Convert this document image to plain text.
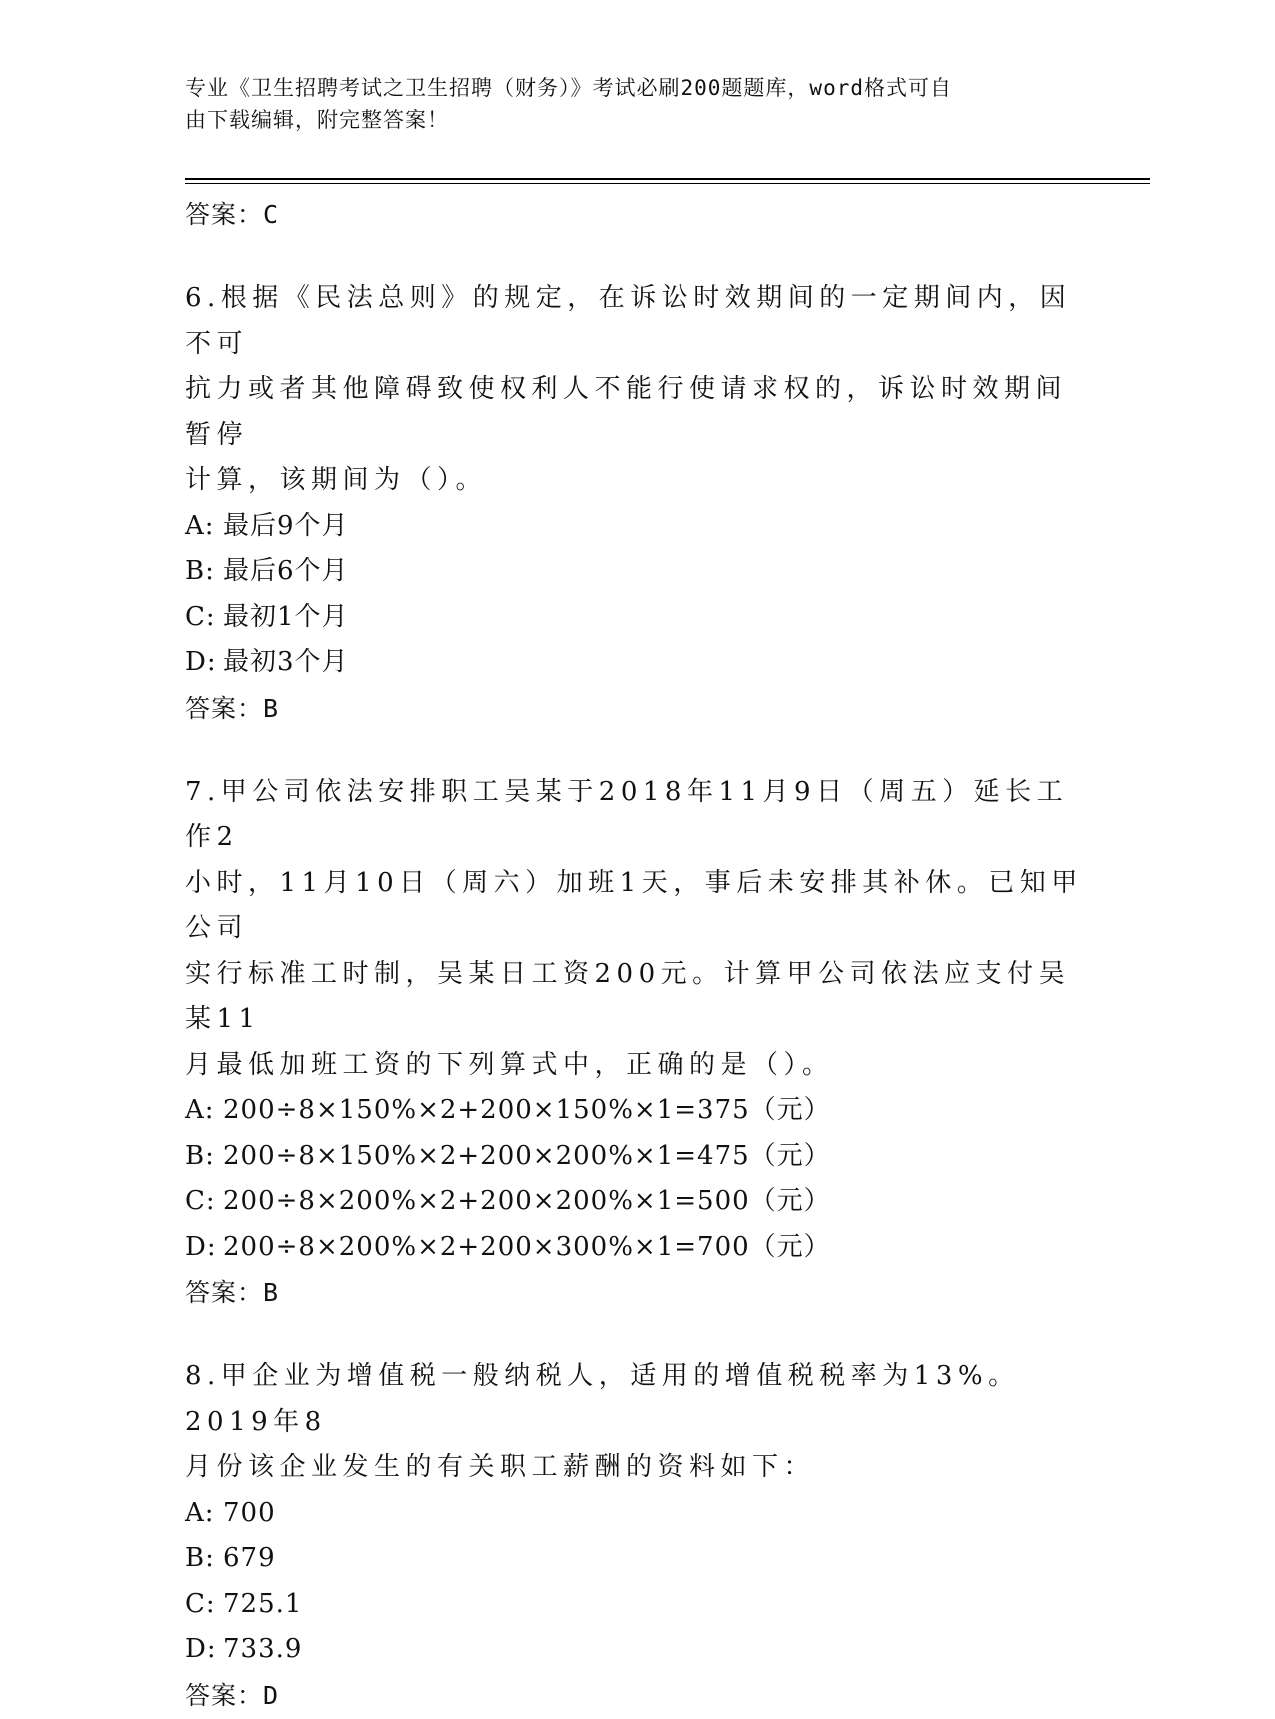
专业《卫生招聘考试之卫生招聘（财务）》考试必刷200题题库，word格式可自
由下载编辑，附完整答案！
答案：C
6.根据《民法总则》的规定，在诉讼时效期间的一定期间内，因不可
抗力或者其他障碍致使权利人不能行使请求权的，诉讼时效期间暂停
计算，该期间为（）。
A: 最后9个月
B: 最后6个月
C: 最初1个月
D: 最初3个月
答案：B
7.甲公司依法安排职工吴某于2018年11月9日（周五）延长工作2
小时，11月10日（周六）加班1天，事后未安排其补休。已知甲公司
实行标准工时制，吴某日工资200元。计算甲公司依法应支付吴某11
月最低加班工资的下列算式中，正确的是（）。
A: 200÷8×150%×2+200×150%×1=375（元）
B: 200÷8×150%×2+200×200%×1=475（元）
C: 200÷8×200%×2+200×200%×1=500（元）
D: 200÷8×200%×2+200×300%×1=700（元）
答案：B
8.甲企业为增值税一般纳税人，适用的增值税税率为13%。2019年8
月份该企业发生的有关职工薪酬的资料如下：
A: 700
B: 679
C: 725.1
D: 733.9
答案：D
